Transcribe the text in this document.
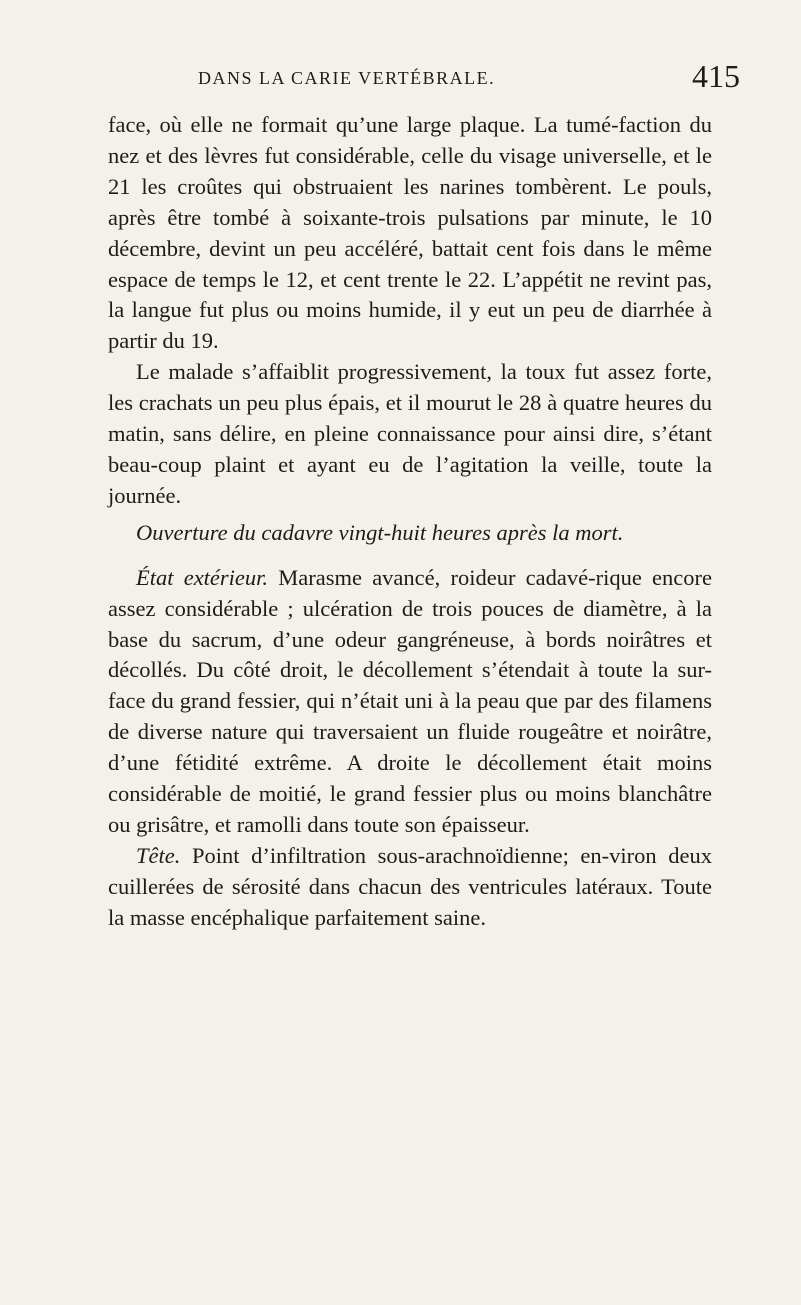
DANS LA CARIE VERTÉBRALE.	415

face, où elle ne formait qu’une large plaque. La tumé-faction du nez et des lèvres fut considérable, celle du visage universelle, et le 21 les croûtes qui obstruaient les narines tombèrent. Le pouls, après être tombé à soixante-trois pulsations par minute, le 10 décembre, devint un peu accéléré, battait cent fois dans le même espace de temps le 12, et cent trente le 22. L’appétit ne revint pas, la langue fut plus ou moins humide, il y eut un peu de diarrhée à partir du 19.

Le malade s’affaiblit progressivement, la toux fut assez forte, les crachats un peu plus épais, et il mourut le 28 à quatre heures du matin, sans délire, en pleine connaissance pour ainsi dire, s’étant beau-coup plaint et ayant eu de l’agitation la veille, toute la journée.

Ouverture du cadavre vingt-huit heures après la mort.

État extérieur. Marasme avancé, roideur cadavé-rique encore assez considérable ; ulcération de trois pouces de diamètre, à la base du sacrum, d’une odeur gangréneuse, à bords noirâtres et décollés. Du côté droit, le décollement s’étendait à toute la sur-face du grand fessier, qui n’était uni à la peau que par des filamens de diverse nature qui traversaient un fluide rougeâtre et noirâtre, d’une fétidité extrême. A droite le décollement était moins considérable de moitié, le grand fessier plus ou moins blanchâtre ou grisâtre, et ramolli dans toute son épaisseur.

Tête. Point d’infiltration sous-arachnoïdienne; en-viron deux cuillerées de sérosité dans chacun des ventricules latéraux. Toute la masse encéphalique parfaitement saine.
